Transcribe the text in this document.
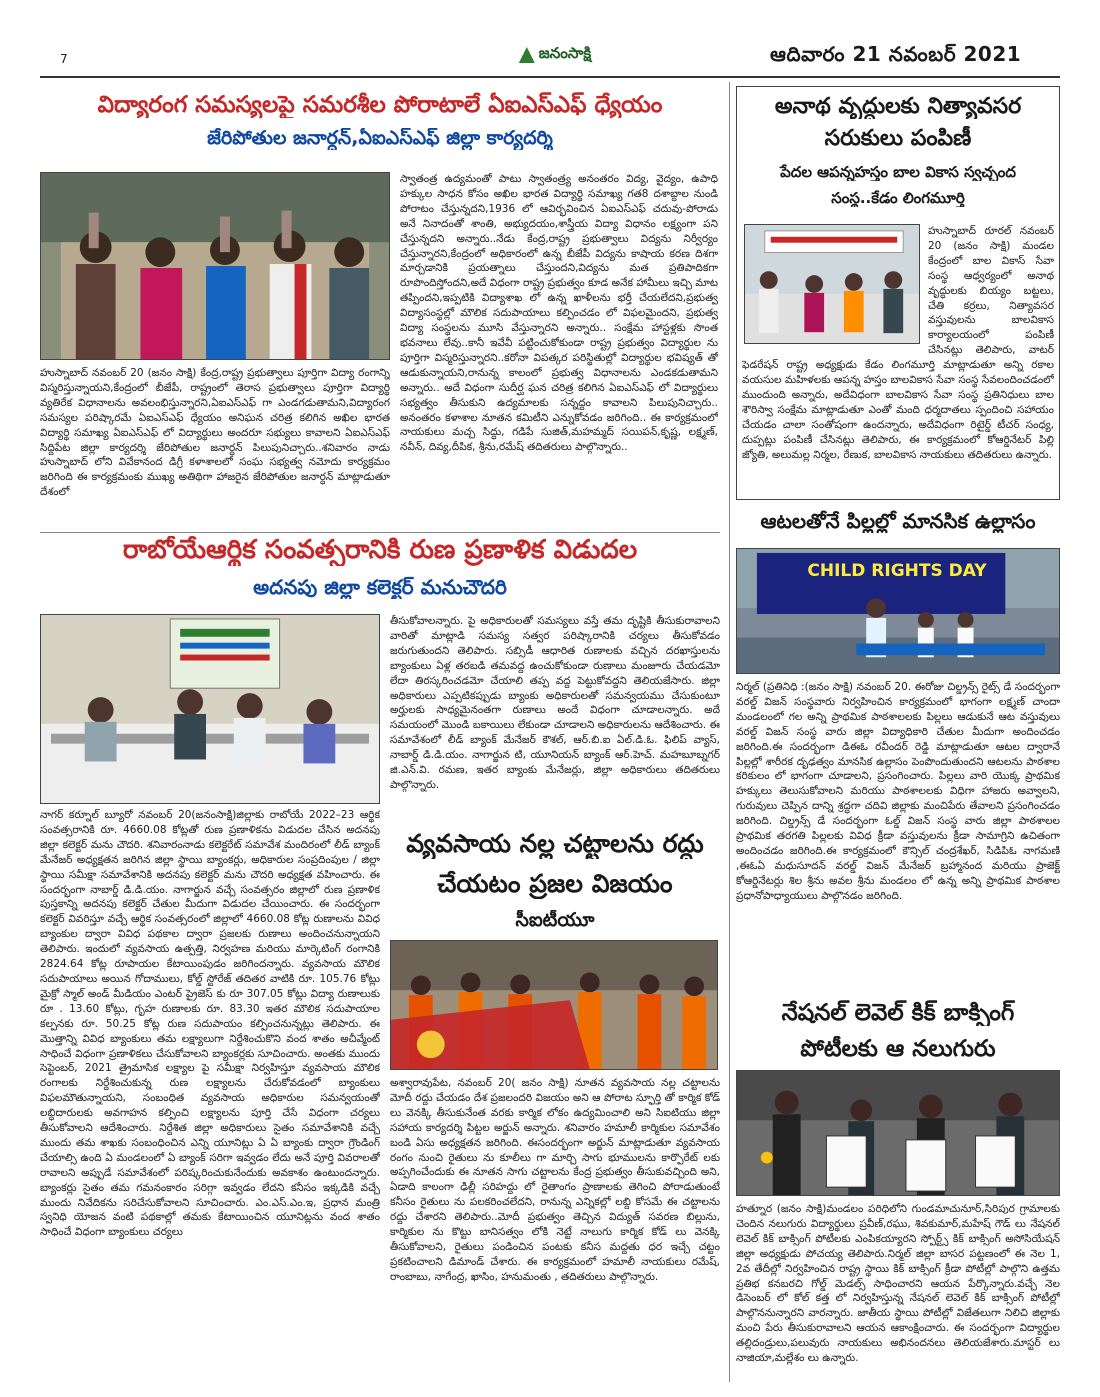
7	జనంసాక్షి	ఆదివారం 21 నవంబర్ 2021
విద్యారంగ సమస్యలపై సమరశీల పోరాటాలే ఏఐఎస్ఎఫ్ ధ్యేయం
జేరిపోతుల జనార్ధన్,ఏఐఎస్ఎఫ్ జిల్లా కార్యదర్శి
హుస్నాబాద్ నవంబర్ 20 (జనం సాక్షి) కేంద్ర,రాష్ట్ర ప్రభుత్వాలు పూర్తిగా విద్యా రంగాన్ని విస్మరిస్తున్నాయని,కేంద్రంలో బీజేపీ, రాష్ట్రంలో తెరాస ప్రభుత్వాలు పూర్తిగా విద్యార్థి వ్యతిరేక విధానాలను అవలంభిస్తున్నారని,ఏఐఎస్ఎఫ్ గా ఎండగడుతామని,విద్యారంగ సమస్యల పరిష్కారమే ఏఐఎస్ఎఫ్ ధ్యేయం అనిఘన చరిత్ర కలిగిన అఖిల భారత విద్యార్థి సమాఖ్య ఏఐఎస్ఎఫ్ లో విద్యార్థులు అందరూ సభ్యులు కావాలని ఏఐఎస్ఎఫ్ సిద్దిపేట జిల్లా కార్యదర్శి జేరిపోతుల జనార్ధన్ పిలుపునిచ్చారు..శనివారం నాడు హుస్నాబాద్ లోని వివేకానంద డిగ్రీ కళాశాలలో సంఘ సభ్యత్వ నమోదు కార్యక్రమం జరిగింది ఈ కార్యక్రమంకు ముఖ్య అతిథిగా హాజరైన జేరిపోతుల జనార్ధన్ మాట్లాడుతూ దేశంలో
స్వాతంత్ర ఉద్యమంతో పాటు స్వాతంత్ర్య అనంతరం విద్య, వైద్యం, ఉపాధి హక్కుల సాధన కోసం అఖిల భారత విద్యార్థి సమాఖ్య గత8 దశాబ్దాల నుండి పోరాటం చేస్తున్నదని,1936 లో ఆవిర్భవించిన ఏఐఎస్ఎఫ్ చదువు-పోరాడు అనే నినాదంతో శాంతి, అభ్యుదయం,శాస్త్రీయ విద్యా విధానం లక్ష్యంగా పని చేస్తున్నదని అన్నారు..నేడు కేంద్ర,రాష్ట్ర ప్రభుత్వాలు విద్యను నిర్వీర్యం చేస్తున్నారని,కేంద్రంలో అధికారంలో ఉన్న బీజేపీ విద్యను కాషాయ కరణ దిశగా మార్చడానికి ప్రయత్నాలు చేస్తుందని,విద్యను మత ప్రతిపాదికగా రూపొందిస్తోందని,అదే విధంగా రాష్ట్ర ప్రభుత్వం కూడ అనేక హామీలు ఇచ్చి మాట తప్పిందని,ఇప్పటికి విద్యాశాఖ లో ఉన్న ఖాళీలను భర్తీ చేయలేదని,ప్రభుత్వ విద్యాసంస్థల్లో మౌలిక సదుపాయాలు కల్పించడం లో విఫలమైందని, ప్రభుత్వ విద్యా సంస్థలను మూసి వేస్తున్నారని అన్నారు.. సంక్షేమ హాస్టళ్లకు సొంత భవనాలు లేవు..కానీ ఇవేవీ పట్టించుకోకుండా రాష్ట్ర ప్రభుత్వం విద్యార్థుల ను పూర్తిగా విస్మరిస్తున్నారని..కరోనా విపత్కర పరిస్థితుల్లో విద్యార్థుల భవిష్యత్ తో ఆడుకున్నాయని,రానున్న కాలంలో ప్రభుత్వ విధానాలను ఎండకడుతామని అన్నారు.. అదే విధంగా సుదీర్ఘ ఘన చరిత్ర కలిగిన ఏఐఎస్ఎఫ్ లో విద్యార్థులు సభ్యత్వం తీసుకుని ఉద్యమాలకు సన్నద్దం కావాలని పిలుపునిచ్చారు.. అనంతరం కళాశాల నూతన కమిటీని ఎన్నుకోవడం జరిగింది.. ఈ కార్యక్రమంలో నాయకులు మచ్చ సిద్ధు, గడిపే సుజిత్,మహమ్మద్ సయిపన్,కృష్ణ, లక్ష్మణ్, నవీన్, దివ్య,దీపిక, శ్రీను,రమేష్ తదితరులు పాల్గొన్నారు..
రాబోయేఆర్థిక సంవత్సరానికి రుణ ప్రణాళిక విడుదల
అదనపు జిల్లా కలెక్టర్ మనుచౌదరి
నాగర్ కర్నూల్ బ్యూరో నవంబర్ 20(జనంసాక్షి)జిల్లాకు రాబోయే 2022–23 ఆర్థిక సంవత్సరానికి రూ. 4660.08 కోట్లతో రుణ ప్రణాళికను విడుదల చేసిన అదనపు జిల్లా కలెక్టర్ మను చౌదరి. శనివారంనాడు కలెక్టరేట్ సమావేశ మందిరంలో లీడ్ బ్యాంక్ మేనేజర్ అధ్యక్షతన జరిగిన జిల్లా స్థాయి బ్యాంకర్లు, అధికారుల సంప్రదింపుల / జిల్లా స్థాయి సమీక్షా సమావేశానికి అదనపు కలెక్టర్ మను చౌదరి అధ్యక్షత వహించారు. ఈ సందర్భంగా నాబార్డ్ డి.డి.యం. నాగార్జున వచ్చే సంవత్సరం జిల్లాలో రుణ ప్రణాళిక పుస్తకాన్ని అదనపు కలెక్టర్ చేతుల మీదుగా విడుదల చేయించారు. ఈ సందర్భంగా కలెక్టర్ వివరిస్తూ వచ్చే ఆర్థిక సంవత్సరంలో జిల్లాలో 4660.08 కోట్ల రుణాలను వివిధ బ్యాంకుల ద్వారా వివిధ పథకాల ద్వారా ప్రజలకు రుణాలు అందించనున్నాయని తెలిపారు. ఇందులో వ్యవసాయ ఉత్పత్తి, నిర్వహణ మరియు మార్కెటింగ్ రంగానికి 2824.64 కోట్ల రూపాయల కేటాయింపుడం జరిగిందన్నారు. వ్యవసాయ మౌలిక సదుపాయాలు అయిన గోదాములు, కోల్డ్ స్టోరేజ్ తదితర వాటికి రూ. 105.76 కోట్లు మైక్రో స్మాల్ అండ్ మీడియం ఎంటర్ ప్రైజెస్ కు రూ 307.05 కోట్లు విద్యా రుణాలుకు రూ . 13.60 కోట్లు, గృహ రుణాలకు రూ. 83.30 ఇతర మౌలిక సదుపాయాల కల్పనకు రూ. 50.25 కోట్ల రుణ సదుపాయం కల్పించనున్నట్లు తెలిపారు. ఈ మొత్తాన్ని వివిధ బ్యాంకులు తమ లక్ష్యాలుగా నిర్దేశించుకొని వంద శాతం అచీవ్మేంట్ సాధించే విధంగా ప్రణాళికలు చేసుకోవాలని బ్యాంకర్లకు సూచించారు. అంతకు ముందు సెప్టెంబర్, 2021 త్రైమాసిక లక్ష్యాల పై సమీక్షా నిర్వహిస్తూ వ్యవసాయ మౌలిక రంగాలకు నిర్దేశించుకున్న రుణ లక్ష్యాలను చేరుకోవడంలో బ్యాంకులు విఫలమౌతున్నాయని, సంబంధిత వ్యవసాయ అధికారుల సమన్వయంతో లబ్ధిదారులకు అవగాహన కల్పించి లక్ష్యాలను పూర్తి చేసే విధంగా చర్యలు తీసుకోవాలని ఆదేశించారు. నిర్దేశిత జిల్లా అధికారులు సైతం సమావేశానికి వచ్చే ముందు తమ శాఖకు సంబంధించిన ఎన్ని యూనిట్లు ఏ ఏ బ్యాంకు ద్వారా గ్రౌండింగ్ చేయాల్సి ఉంది ఏ మండలంలో ఏ బ్యాంక్ సరిగా ఇవ్వడం లేదు అనే పూర్తి వివరాలతో రావాలని అప్పుడే సమావేశంలో పరిష్కరించుకునేందుకు అవకాశం ఉంటుందన్నారు. బ్యాంకర్లు సైతం తమ గమనంకారం సరిగ్గా ఇవ్వడం లేదని కనీసం ఇక్కడికి వచ్చే ముందు నివేదికను సరిచేసుకోవాలని సూచించారు. ఎం.ఎస్.ఎం.ఇ, ప్రధాన మంత్రి స్వనిధి యోజన వంటి పథకాల్లో తమకు కేటాయించిన యూనిట్లను వంద శాతం సాధించే విధంగా బ్యాంకులు చర్యలు
తీసుకోవాలన్నారు. పై అధికారులతో సమస్యలు వస్తే తమ దృష్టికి తీసుకురావాలని వారితో మాట్లాడి సమస్య సత్వర పరిష్కారానికి చర్యలు తీసుకోవడం జరుగుతుందని తెలిపారు. సబ్సిడీ ఆధారిత రుణాలకు వచ్చిన దరఖాస్తులను బ్యాంకులు ఏళ్ల తరబడి తమవద్ద ఉంచుకోకుండా రుణాలు మంజూరు చేయడమో లేదా తిరస్కరించడమో చేయాలి తప్ప వద్ద పెట్టుకోవద్దని తెలియజేసారు. జిల్లా అధికారులు ఎప్పటికప్పుడు బ్యాంకు అధికారులతో సమన్వయము చేసుకుంటూ అర్హులకు సాధ్యమైనంతగా రుణాలు అందే విధంగా చూడాలన్నారు. అదే సమయంలో మొండి బకాయిలు లేకుండా చూడాలని అధికారులను ఆదేశించారు. ఈ సమావేశంలో లీడ్ బ్యాంక్ మేనేజర్ కౌశల్, ఆర్.బి.ఐ ఏల్.డి.ఓ. ఫిలిప్ వ్యాస్, నాబార్డ్ డి.డి.యం. నాగార్జున టి, యూనియన్ బ్యాంక్ ఆర్.హెచ్. మహబూబ్నగర్ జి.ఎన్.వి. రమణ, ఇతర బ్యాంకు మేనేజర్లు, జిల్లా అధికారులు తదితరులు పాల్గొన్నారు.
వ్యవసాయ నల్ల చట్టాలను రద్దు
చేయటం ప్రజల విజయం
సీఐటీయూ
అశ్వారావుపేట, నవంబర్ 20( జనం సాక్షి) నూతన వ్యవసాయ నల్ల చట్టాలను మోదీ రద్దు చేయడం దేశ ప్రజలందరి విజయం అని ఆ పోరాట స్ఫూర్తి తో కార్మిక కోడ్ లు వెనక్కి తీసుకునేంత వరకు కార్మిక లోకం ఉద్యమించాలి అని సిఐటియు జిల్లా సహాయ కార్యదర్శి పిట్టల అర్జున్ అన్నారు. శనివారం హమాలీ కార్మికుల సమావేశం బండి ఏసు అధ్యక్షతన జరిగింది. ఈసందర్భంగా అర్జున్ మాట్లాడుతూ వ్యవసాయ రంగం నుంచి రైతులు ను కూలీలు గా మార్చి సాగు భూములను కార్పొరేట్ లకు అప్పగించేందుకు ఈ నూతన సాగు చట్టాలను కేంద్ర ప్రభుత్వం తీసుకువచ్చింది అని, ఏడాది కాలంగా ఢిల్లీ సరిహద్దు లో రైతాంగం ప్రాణాలకు తెగించి పోరాడుతుంటే కనీసం రైతులు ను పలకరించలేదని, రానున్న ఎన్నికల్లో లబ్ది కోసమే ఈ చట్టాలను రద్దు చేశారని తెలిపారు..మోదీ ప్రభుత్వం తెచ్చిన విద్యుత్ సవరణ బిల్లును, కార్మికుల ను కొట్టు బానిసత్వం లోకి నెట్టే నాలుగు కార్మిక కోడ్ లు వెనక్కి తీసుకోవాలని, రైతులు పండించిన పంటకు కనీస మద్దతు ధర ఇచ్చే చట్టం ప్రకటించాలని డిమాండ్ చేశారు. ఈ కార్యక్రమంలో హమాలీ నాయకులు రమేష్, రాంబాబు, నాగేంద్ర, ఖాసిం, హనుమంతు , తదితరులు పాల్గొన్నారు.
అనాథ వృద్ధులకు నిత్యావసర
సరుకులు పంపిణీ
పేదల ఆపన్నహస్తం బాల వికాస స్వచ్ఛంద
సంస్థ..కేడం లింగమూర్తి
హుస్నాబాద్ రూరల్ నవంబర్ 20 (జనం సాక్షి) మండల కేంద్రంలో బాల వికాస్ సేవా సంస్థ ఆధ్వర్యంలో అనాథ వృద్ధులకు బియ్యం బట్టలు, చేతి కర్రలు, నిత్యావసర వస్తువులను బాలవికాస కార్యాలయంలో పంపిణీ చేసినట్లు తెలిపారు, వాటర్ ఫెడరేషన్ రాష్ట్ర అధ్యక్షుడు కేడం లింగమూర్తి మాట్లాడుతూ అన్ని రకాల వయసుల మహిళలకు ఆపన్న హస్తం బాలవికాస సేవా సంస్థ సేవలందించడంలో ముందుంది అన్నారు, అదేవిధంగా బాలవికాస సేవా సంస్థ ప్రతినిధులు బాల శౌరిస్వా సంక్షేమ మాట్లాడుతూ ఎంతో మంది ధర్మదాతలు స్పందించి సహాయం చేయడం చాలా సంతోషంగా ఉందన్నారు, అదేవిధంగా రిటైర్డ్ టీచర్ సంధ్య, దుప్పట్లు పంపిణీ చేసినట్లు తెలిపారు, ఈ కార్యక్రమంలో కోఆర్డినేటర్ పిల్లి జ్యోతి, అలుమల్ల నిర్మల, రేణుక, బాలవికాస నాయకులు తదితరులు ఉన్నారు.
ఆటలతోనే పిల్లల్లో మానసిక ఉల్లాసం
CHILD RIGHTS DAY
నిర్మల్ (ప్రతినిధి :(జనం సాక్షి) నవంబర్ 20. ఈరోజు చిల్డ్రన్స్ రైట్స్ డే సందర్భంగా వరల్డ్ విజన్ సంస్థవారు నిర్వహించిన కార్యక్రమంలో భాగంగా లక్ష్మణ్ చాందా మండలంలో గల అన్ని ప్రాథమిక పాఠశాలలకు పిల్లలు ఆడుకునే ఆట వస్తువులు వరల్డ్ విజన్ సంస్థ వారు జిల్లా విద్యాధికారి చేతుల మీదుగా అందించడం జరిగింది.ఈ సందర్భంగా డిఈఓ రవీందర్ రెడ్డి మాట్లాడుతూ ఆటల ద్వారానే పిల్లల్లో శారీరక దృఢత్వం మానసిక ఉల్లాసం పెంపొందుతుందని ఆటలను పాఠశాల కరికులం లో భాగంగా చూడాలని, ప్రసంగించారు. పిల్లలు వారి యొక్క ప్రాథమిక హక్కులు తెలుసుకోవాలని మరియు పాఠశాలలకు విధిగా హాజరు అవ్వాలని, గురువులు చెప్పిన దాన్ని శ్రద్ధగా చదివి జిల్లాకు మంచిపేరు తేవాలని ప్రసంగించడం జరిగింది. చిల్డ్రన్స్ డే సందర్భంగా ఓల్డ్ విజన్ సంస్థ వారు జిల్లా పాఠశాలల ప్రాథమిక తరగతి పిల్లలకు వివిధ క్రీడా వస్తువులను క్రీడా సామాగ్రిని ఉచితంగా అందించడం జరిగింది.ఈ కార్యక్రమంలో కౌన్సిల్ చంద్రశేఖర్, సిడిపిఓ నాగమణి ,ఈఓఏ మధుసూదన్ వరల్డ్ విజన్ మేనేజర్ బ్రహ్మానంద మరియు ప్రాజెక్ట్ కోఆర్డినేటర్లు శిల శ్రీను అవల శ్రీను మండలం లో ఉన్న అన్ని ప్రాథమిక పాఠశాల ప్రధానోపాధ్యాయులు పాల్గొనడం జరిగింది.
నేషనల్ లెవెల్ కిక్ బాక్సింగ్
పోటీలకు ఆ నలుగురు
హత్నూర (జనం సాక్షి)మండలం పరిధిలోని గుండమాచునూర్,సిరిపుర గ్రామాలకు చెందిన నలుగురు విద్యార్థులు ప్రవీణ్,రఘు, శివకుమార్,మహేష్ గౌడ్ లు నేషనల్ లెవెల్ కిక్ బాక్సింగ్ పోటీలకు ఎంపికయ్యారని స్పోర్ట్స్ కిక్ బాక్సింగ్ అసోసియేషన్ జిల్లా అధ్యక్షుడు పోచయ్య తెలిపారు.నిర్మల్ జిల్లా బాసర పట్టణంలో ఈ నెల 1, 2వ తేదీల్లో నిర్వహించిన రాష్ట్ర స్థాయి కిక్ బాక్సింగ్ క్రీడా పోటీల్లో పాల్గొని ఉత్తమ ప్రతిభ కనబరచి గోల్డ్ మెడల్స్ సాధించారని ఆయన పేర్కొన్నారు.వచ్చే నెల డిసెంబర్ లో కోల్ కత్త లో నిర్వహిస్తున్న నేషనల్ లెవెల్ కిక్ బాక్సింగ్ పోటీల్లో పాల్గొననున్నారని వారన్నారు. జాతీయ స్థాయి పోటీల్లో విజేతలుగా నిలిచి జిల్లాకు మంచి పేరు తీసుకురావాలని ఆయన ఆకాంక్షించారు. ఈ సందర్భంగా విద్యార్థుల తల్లిదండ్రులు,పలువురు నాయకులు అభినందనలు తెలియజేశారు.మాస్టర్ లు నాజియా,మల్లేశం లు ఉన్నారు.
